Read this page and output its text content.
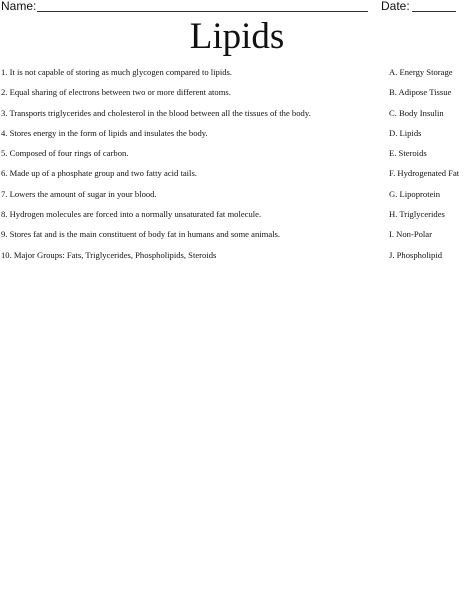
Name:	Date:
Lipids
1. It is not capable of storing as much glycogen compared to lipids.	A. Energy Storage
2. Equal sharing of electrons between two or more different atoms.	B. Adipose Tissue
3. Transports triglycerides and cholesterol in the blood between all the tissues of the body.	C. Body Insulin
4. Stores energy in the form of lipids and insulates the body.	D. Lipids
5. Composed of four rings of carbon.	E. Steroids
6. Made up of a phosphate group and two fatty acid tails.	F. Hydrogenated Fat
7. Lowers the amount of sugar in your blood.	G. Lipoprotein
8. Hydrogen molecules are forced into a normally unsaturated fat molecule.	H. Triglycerides
9. Stores fat and is the main constituent of body fat in humans and some animals.	I. Non-Polar
10. Major Groups: Fats, Triglycerides, Phospholipids, Steroids	J. Phospholipid
